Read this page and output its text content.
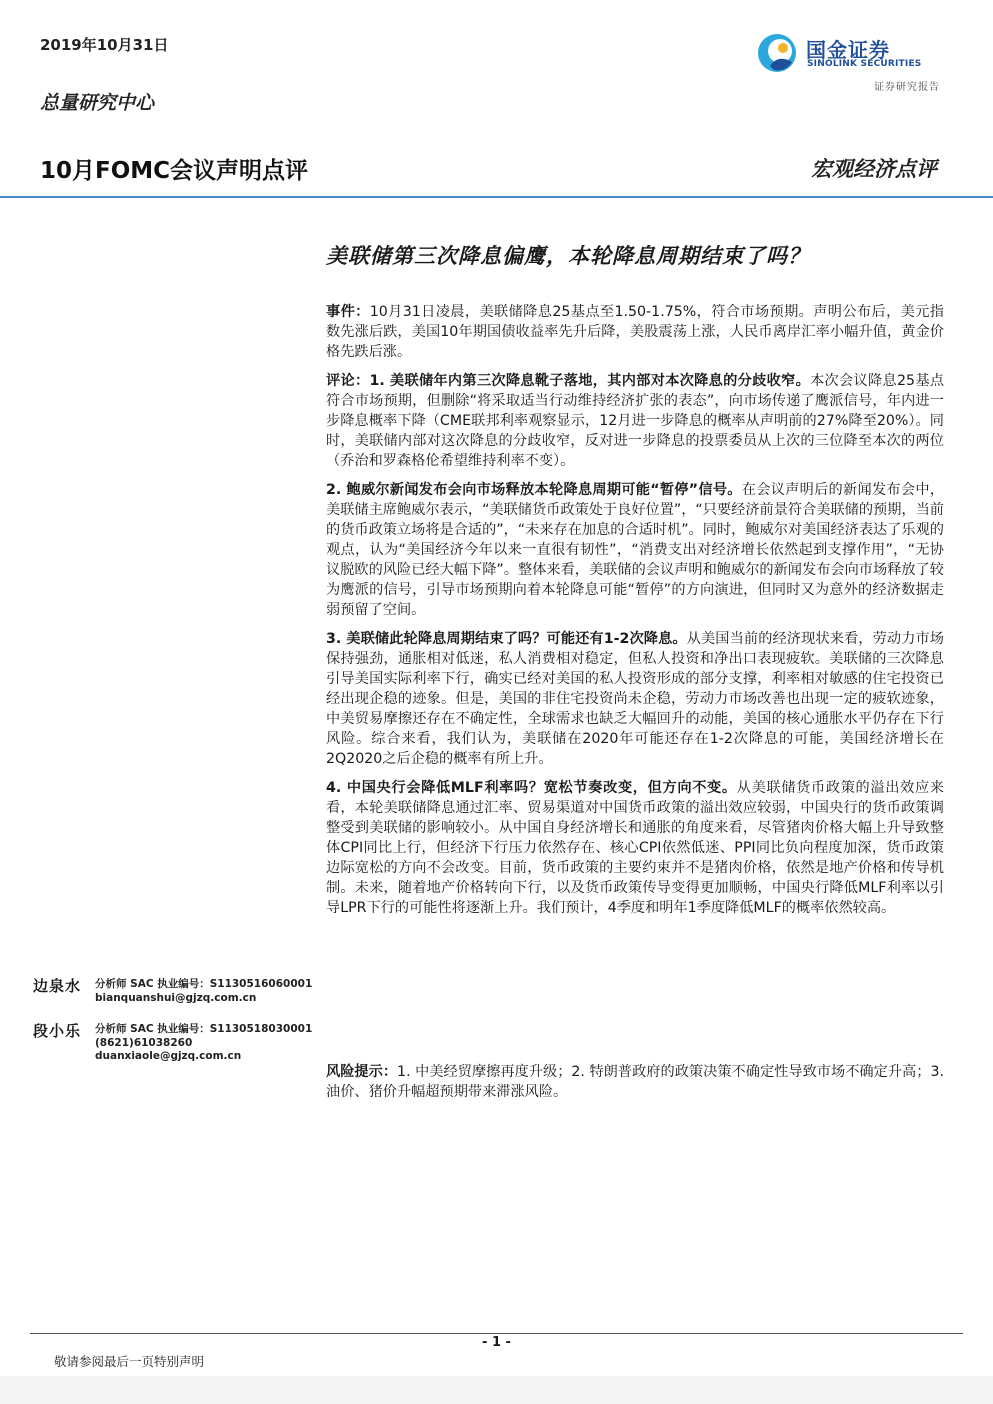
2019年10月31日
总量研究中心
国金证券
SINOLINK SECURITIES
证券研究报告
10月FOMC会议声明点评	宏观经济点评
美联储第三次降息偏鹰，本轮降息周期结束了吗？

事件：10月31日凌晨，美联储降息25基点至1.50-1.75%，符合市场预期。声明公布后，美元指数先涨后跌，美国10年期国债收益率先升后降，美股震荡上涨，人民币离岸汇率小幅升值，黄金价格先跌后涨。

评论：1. 美联储年内第三次降息靴子落地，其内部对本次降息的分歧收窄。本次会议降息25基点符合市场预期，但删除“将采取适当行动维持经济扩张的表态”，向市场传递了鹰派信号，年内进一步降息概率下降（CME联邦利率观察显示，12月进一步降息的概率从声明前的27%降至20%）。同时，美联储内部对这次降息的分歧收窄，反对进一步降息的投票委员从上次的三位降至本次的两位（乔治和罗森格伦希望维持利率不变）。

2. 鲍威尔新闻发布会向市场释放本轮降息周期可能“暂停”信号。在会议声明后的新闻发布会中，美联储主席鲍威尔表示，“美联储货币政策处于良好位置”，“只要经济前景符合美联储的预期，当前的货币政策立场将是合适的”，“未来存在加息的合适时机”。同时，鲍威尔对美国经济表达了乐观的观点，认为“美国经济今年以来一直很有韧性”，“消费支出对经济增长依然起到支撑作用”，“无协议脱欧的风险已经大幅下降”。整体来看，美联储的会议声明和鲍威尔的新闻发布会向市场释放了较为鹰派的信号，引导市场预期向着本轮降息可能“暂停”的方向演进，但同时又为意外的经济数据走弱预留了空间。

3. 美联储此轮降息周期结束了吗？可能还有1-2次降息。从美国当前的经济现状来看，劳动力市场保持强劲，通胀相对低迷，私人消费相对稳定，但私人投资和净出口表现疲软。美联储的三次降息引导美国实际利率下行，确实已经对美国的私人投资形成的部分支撑，利率相对敏感的住宅投资已经出现企稳的迹象。但是，美国的非住宅投资尚未企稳，劳动力市场改善也出现一定的疲软迹象，中美贸易摩擦还存在不确定性，全球需求也缺乏大幅回升的动能，美国的核心通胀水平仍存在下行风险。综合来看，我们认为，美联储在2020年可能还存在1-2次降息的可能，美国经济增长在2Q2020之后企稳的概率有所上升。

4. 中国央行会降低MLF利率吗？宽松节奏改变，但方向不变。从美联储货币政策的溢出效应来看，本轮美联储降息通过汇率、贸易渠道对中国货币政策的溢出效应较弱，中国央行的货币政策调整受到美联储的影响较小。从中国自身经济增长和通胀的角度来看，尽管猪肉价格大幅上升导致整体CPI同比上行，但经济下行压力依然存在、核心CPI依然低迷、PPI同比负向程度加深，货币政策边际宽松的方向不会改变。目前，货币政策的主要约束并不是猪肉价格，依然是地产价格和传导机制。未来，随着地产价格转向下行，以及货币政策传导变得更加顺畅，中国央行降低MLF利率以引导LPR下行的可能性将逐渐上升。我们预计，4季度和明年1季度降低MLF的概率依然较高。

边泉水 分析师 SAC 执业编号：S1130516060001
bianquanshui@gjzq.com.cn
段小乐 分析师 SAC 执业编号：S1130518030001
(8621)61038260
duanxiaole@gjzq.com.cn
风险提示：1. 中美经贸摩擦再度升级；2. 特朗普政府的政策决策不确定性导致市场不确定升高；3. 油价、猪价升幅超预期带来滞涨风险。
- 1 -
敬请参阅最后一页特别声明
